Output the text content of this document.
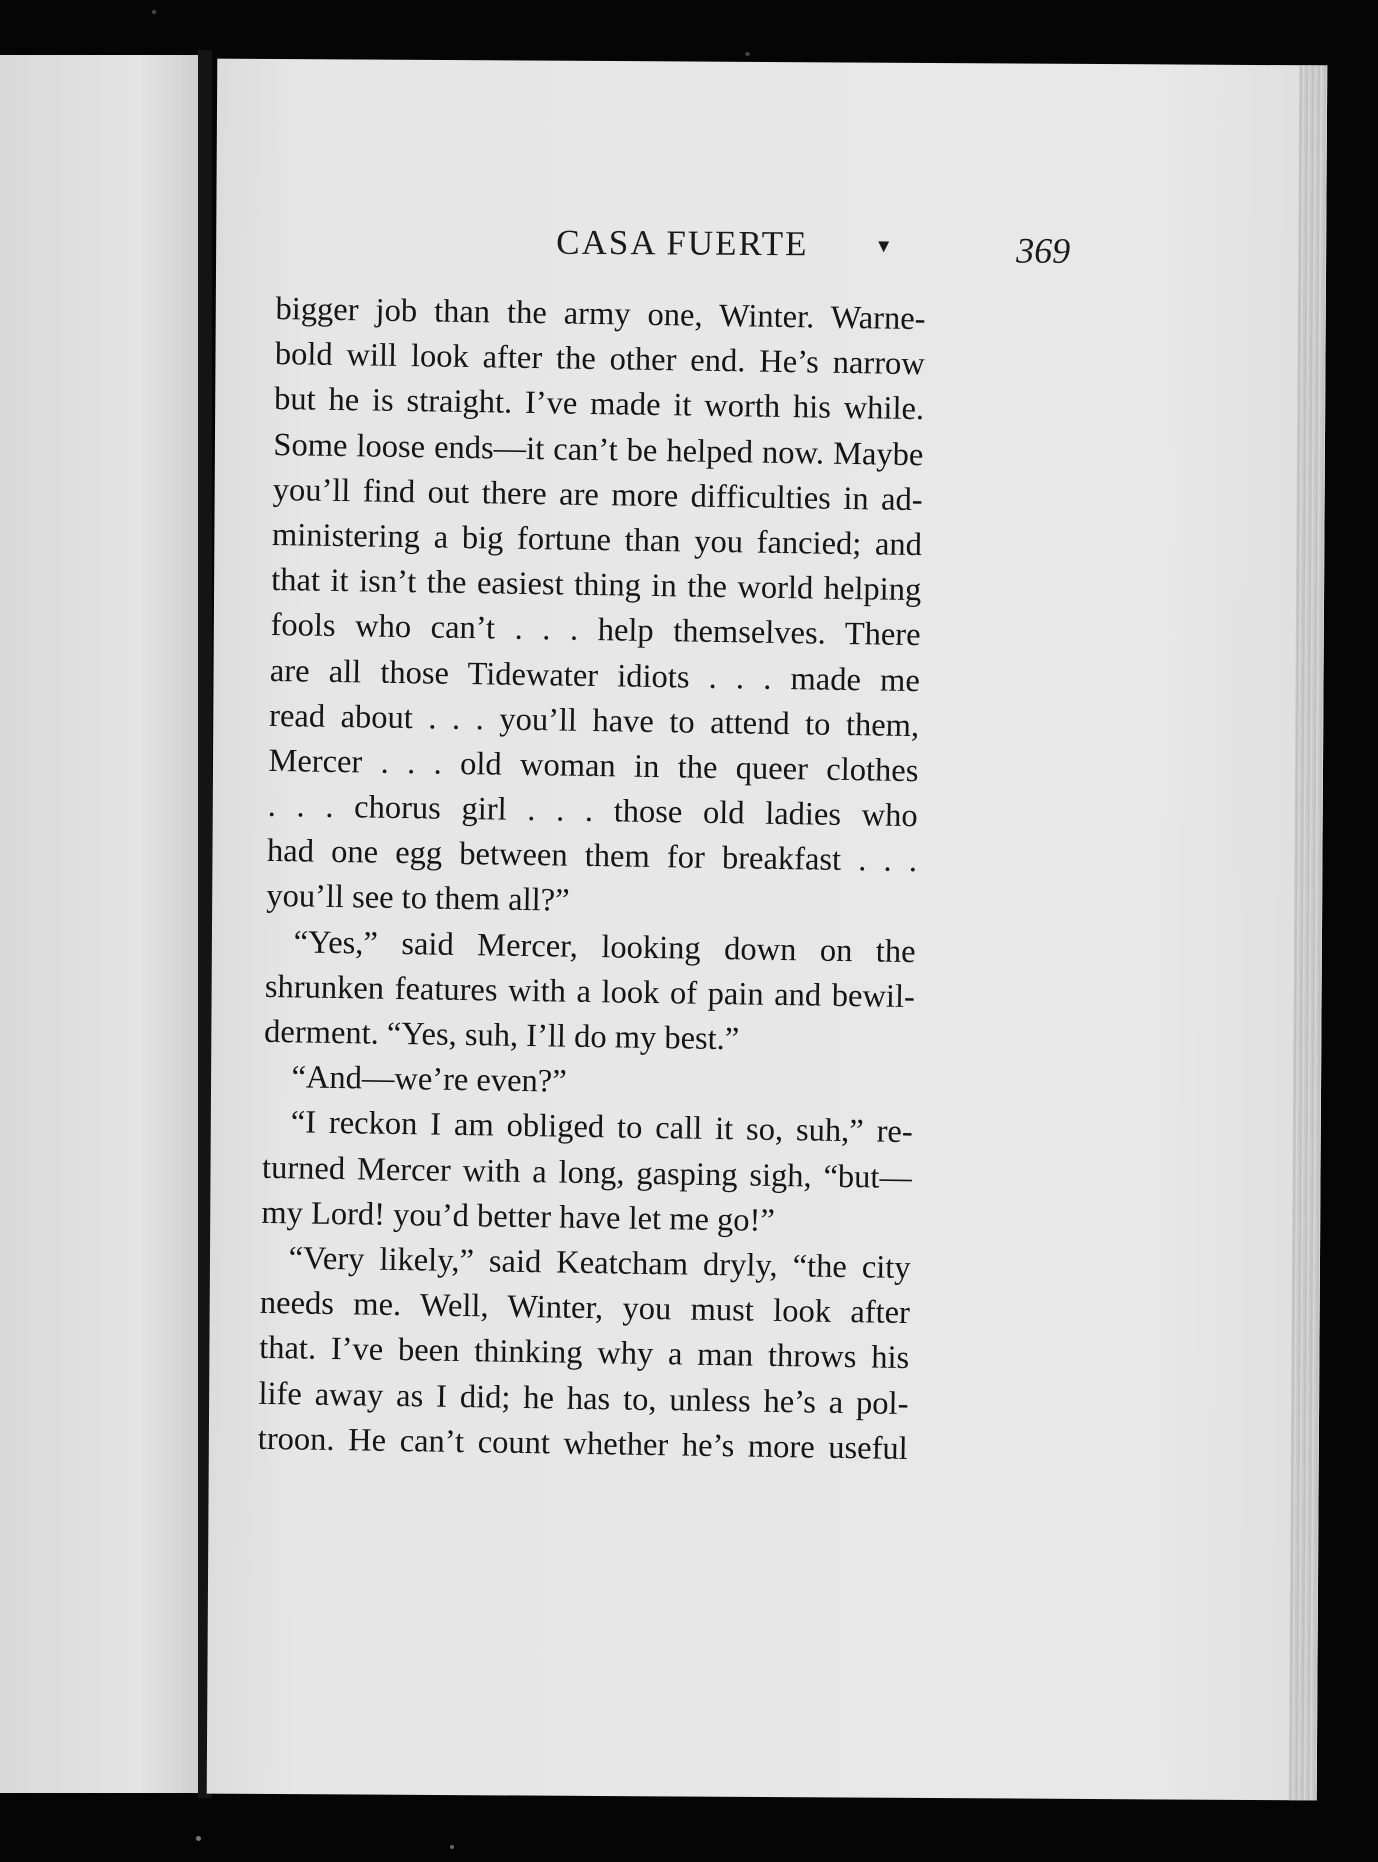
CASA FUERTE	▾	369
bigger job than the army one, Winter. Warne-
bold will look after the other end. He’s narrow
but he is straight. I’ve made it worth his while.
Some loose ends—it can’t be helped now. Maybe
you’ll find out there are more difficulties in ad-
ministering a big fortune than you fancied; and
that it isn’t the easiest thing in the world helping
fools who can’t . . . help themselves. There
are all those Tidewater idiots . . . made me
read about . . . you’ll have to attend to them,
Mercer . . . old woman in the queer clothes
. . . chorus girl . . . those old ladies who
had one egg between them for breakfast . . .
you’ll see to them all?”
“Yes,” said Mercer, looking down on the
shrunken features with a look of pain and bewil-
derment. “Yes, suh, I’ll do my best.”
“And—we’re even?”
“I reckon I am obliged to call it so, suh,” re-
turned Mercer with a long, gasping sigh, “but—
my Lord! you’d better have let me go!”
“Very likely,” said Keatcham dryly, “the city
needs me. Well, Winter, you must look after
that. I’ve been thinking why a man throws his
life away as I did; he has to, unless he’s a pol-
troon. He can’t count whether he’s more useful
